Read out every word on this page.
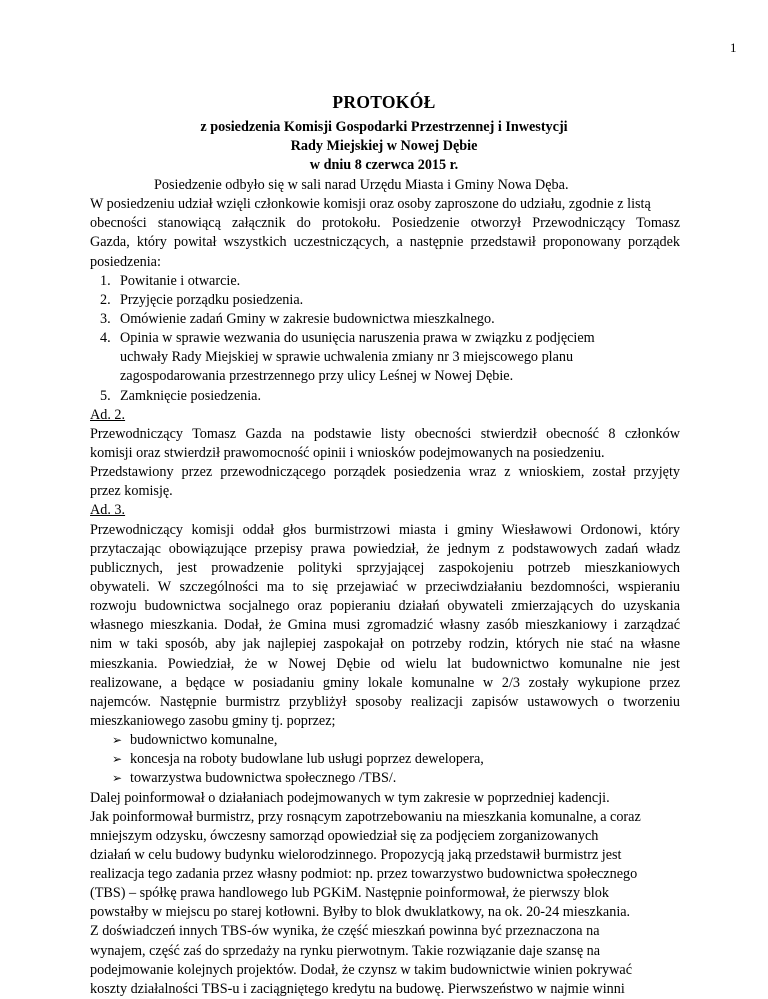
1
PROTOKÓŁ
z posiedzenia Komisji Gospodarki Przestrzennej i Inwestycji
Rady Miejskiej w Nowej Dębie
w dniu 8 czerwca 2015 r.
Posiedzenie odbyło się w sali narad Urzędu Miasta i Gminy Nowa Dęba.
W posiedzeniu udział wzięli członkowie komisji oraz osoby zaproszone do udziału, zgodnie z listą
obecności stanowiącą załącznik do protokołu. Posiedzenie otworzył Przewodniczący Tomasz
Gazda, który powitał wszystkich uczestniczących, a następnie przedstawił proponowany porządek
posiedzenia:
1. Powitanie i otwarcie.
2. Przyjęcie porządku posiedzenia.
3. Omówienie zadań Gminy w zakresie budownictwa mieszkalnego.
4. Opinia w sprawie wezwania do usunięcia naruszenia prawa w związku z podjęciem
uchwały Rady Miejskiej w sprawie uchwalenia zmiany nr 3 miejscowego planu
zagospodarowania przestrzennego przy ulicy Leśnej w Nowej Dębie.
5. Zamknięcie posiedzenia.
Ad. 2.
Przewodniczący Tomasz Gazda na podstawie listy obecności stwierdził obecność 8 członków
komisji oraz stwierdził prawomocność opinii i wniosków podejmowanych na posiedzeniu.
Przedstawiony przez przewodniczącego porządek posiedzenia wraz z wnioskiem, został przyjęty
przez komisję.
Ad. 3.
Przewodniczący komisji oddał głos burmistrzowi miasta i gminy Wiesławowi Ordonowi, który
przytaczając obowiązujące przepisy prawa powiedział, że jednym z podstawowych zadań władz
publicznych, jest prowadzenie polityki sprzyjającej zaspokojeniu potrzeb mieszkaniowych
obywateli. W szczególności ma to się przejawiać w przeciwdziałaniu bezdomności, wspieraniu
rozwoju budownictwa socjalnego oraz popieraniu działań obywateli zmierzających do uzyskania
własnego mieszkania. Dodał, że Gmina musi zgromadzić własny zasób mieszkaniowy i zarządzać
nim w taki sposób, aby jak najlepiej zaspokajał on potrzeby rodzin, których nie stać na własne
mieszkania. Powiedział, że w Nowej Dębie od wielu lat budownictwo komunalne nie jest
realizowane, a będące w posiadaniu gminy lokale komunalne w 2/3 zostały wykupione przez
najemców. Następnie burmistrz przybliżył sposoby realizacji zapisów ustawowych o tworzeniu
mieszkaniowego zasobu gminy tj. poprzez;
➢ budownictwo komunalne,
➢ koncesja na roboty budowlane lub usługi poprzez dewelopera,
➢ towarzystwa budownictwa społecznego /TBS/.
Dalej poinformował o działaniach podejmowanych w tym zakresie w poprzedniej kadencji.
Jak poinformował burmistrz, przy rosnącym zapotrzebowaniu na mieszkania komunalne, a coraz
mniejszym odzysku, ówczesny samorząd opowiedział się za podjęciem zorganizowanych
działań w celu budowy budynku wielorodzinnego. Propozycją jaką przedstawił burmistrz jest
realizacja tego zadania przez własny podmiot: np. przez towarzystwo budownictwa społecznego
(TBS) – spółkę prawa handlowego lub PGKiM. Następnie poinformował, że pierwszy blok
powstałby w miejscu po starej kotłowni. Byłby to blok dwuklatkowy, na ok. 20-24 mieszkania.
Z doświadczeń innych TBS-ów wynika, że część mieszkań powinna być przeznaczona na
wynajem, część zaś do sprzedaży na rynku pierwotnym. Takie rozwiązanie daje szansę na
podejmowanie kolejnych projektów. Dodał, że czynsz w takim budownictwie winien pokrywać
koszty działalności TBS-u i zaciągniętego kredytu na budowę. Pierwszeństwo w najmie winni
